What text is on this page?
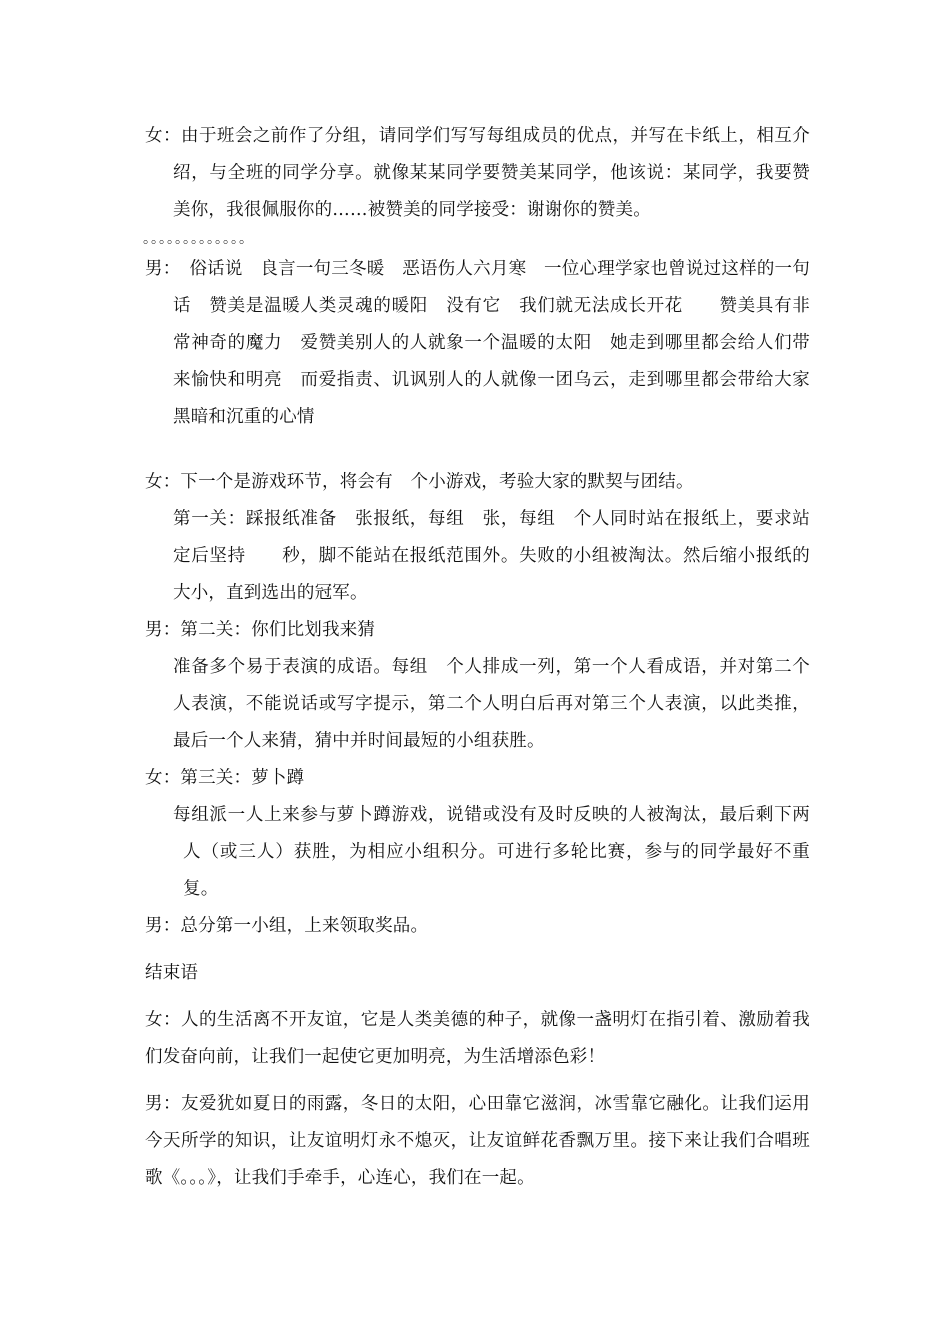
女：由于班会之前作了分组，请同学们写写每组成员的优点，并写在卡纸上，相互介绍，与全班的同学分享。就像某某同学要赞美某同学，他该说：某同学，我要赞美你，我很佩服你的……被赞美的同学接受：谢谢你的赞美。

。。。。。。。。。。。。。

男：　俗话说　良言一句三冬暖　恶语伤人六月寒　一位心理学家也曾说过这样的一句话　赞美是温暖人类灵魂的暖阳　没有它　我们就无法成长开花　　赞美具有非常神奇的魔力　爱赞美别人的人就象一个温暖的太阳　她走到哪里都会给人们带来愉快和明亮　而爱指责、讥讽别人的人就像一团乌云，走到哪里都会带给大家黑暗和沉重的心情

女：下一个是游戏环节，将会有　个小游戏，考验大家的默契与团结。

第一关：踩报纸准备　张报纸，每组　张，每组　个人同时站在报纸上，要求站定后坚持　　秒，脚不能站在报纸范围外。失败的小组被淘汰。然后缩小报纸的大小，直到选出的冠军。

男：第二关：你们比划我来猜

准备多个易于表演的成语。每组　个人排成一列，第一个人看成语，并对第二个人表演，不能说话或写字提示，第二个人明白后再对第三个人表演，以此类推，最后一个人来猜，猜中并时间最短的小组获胜。

女：第三关：萝卜蹲

每组派一人上来参与萝卜蹲游戏，说错或没有及时反映的人被淘汰，最后剩下两人（或三人）获胜，为相应小组积分。可进行多轮比赛，参与的同学最好不重复。

男：总分第一小组，上来领取奖品。

结束语

女：人的生活离不开友谊，它是人类美德的种子，就像一盏明灯在指引着、激励着我们发奋向前，让我们一起使它更加明亮，为生活增添色彩！

男：友爱犹如夏日的雨露，冬日的太阳，心田靠它滋润，冰雪靠它融化。让我们运用今天所学的知识，让友谊明灯永不熄灭，让友谊鲜花香飘万里。接下来让我们合唱班歌《。。。》，让我们手牵手，心连心，我们在一起。
